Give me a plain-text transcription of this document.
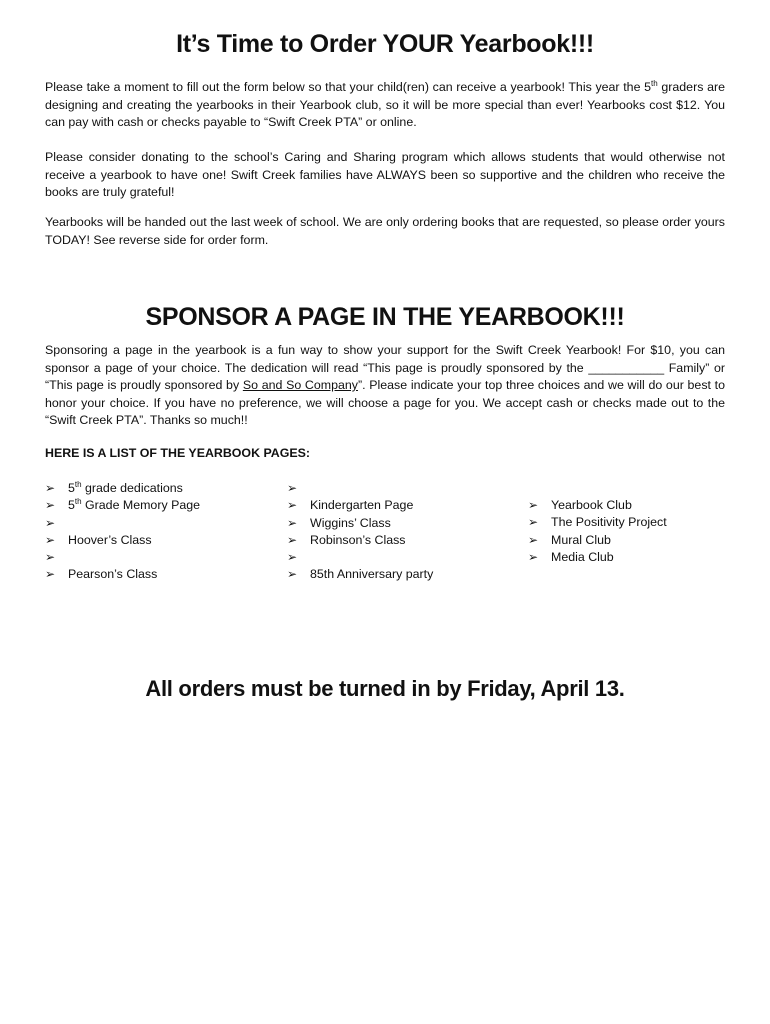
It’s Time to Order YOUR Yearbook!!!

Please take a moment to fill out the form below so that your child(ren) can receive a yearbook! This year the 5th graders are designing and creating the yearbooks in their Yearbook club, so it will be more special than ever! Yearbooks cost $12. You can pay with cash or checks payable to “Swift Creek PTA” or online.

Please consider donating to the school’s Caring and Sharing program which allows students that would otherwise not receive a yearbook to have one! Swift Creek families have ALWAYS been so supportive and the children who receive the books are truly grateful!

Yearbooks will be handed out the last week of school. We are only ordering books that are requested, so please order yours TODAY! See reverse side for order form.

SPONSOR A PAGE IN THE YEARBOOK!!!

Sponsoring a page in the yearbook is a fun way to show your support for the Swift Creek Yearbook! For $10, you can sponsor a page of your choice. The dedication will read “This page is proudly sponsored by the ___________ Family” or “This page is proudly sponsored by So and So Company”. Please indicate your top three choices and we will do our best to honor your choice. If you have no preference, we will choose a page for you. We accept cash or checks made out to the “Swift Creek PTA”. Thanks so much!!

HERE IS A LIST OF THE YEARBOOK PAGES:

➢ 5th grade dedications
➢ 5th Grade Memory Page
➢
➢ Hoover’s Class
➢
➢ Pearson’s Class
➢
➢ Kindergarten Page
➢ Wiggins’ Class
➢ Robinson’s Class
➢
➢ 85th Anniversary party
➢ Yearbook Club
➢ The Positivity Project
➢ Mural Club
➢ Media Club
All orders must be turned in by Friday, April 13.
